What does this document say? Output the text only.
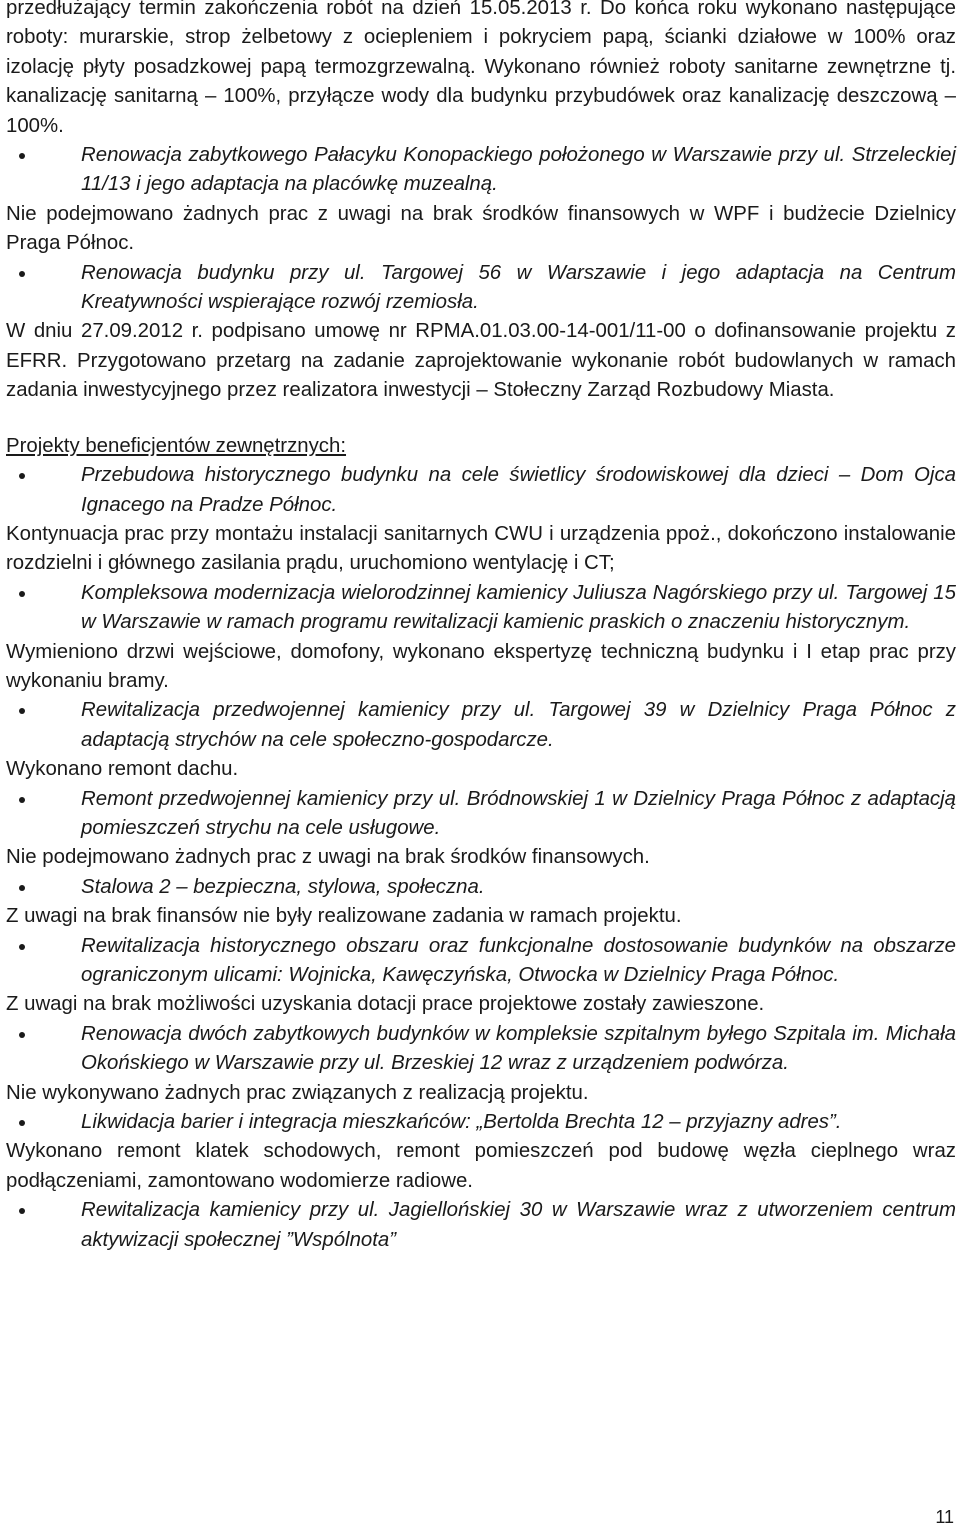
przedłużający termin zakończenia robót na dzień 15.05.2013 r. Do końca roku wykonano następujące roboty: murarskie, strop żelbetowy z ociepleniem i pokryciem papą, ścianki działowe w 100% oraz izolację płyty posadzkowej papą termozgrzewalną. Wykonano również roboty sanitarne zewnętrzne tj. kanalizację sanitarną – 100%, przyłącze wody dla budynku przybudówek oraz kanalizację deszczową – 100%.

Renowacja zabytkowego Pałacyku Konopackiego położonego w Warszawie przy ul. Strzeleckiej 11/13 i jego adaptacja na placówkę muzealną.

Nie podejmowano żadnych prac z uwagi na brak środków finansowych w WPF i budżecie Dzielnicy Praga Północ.

Renowacja budynku przy ul. Targowej 56 w Warszawie i jego adaptacja na Centrum Kreatywności wspierające rozwój rzemiosła.

W dniu 27.09.2012 r. podpisano umowę nr RPMA.01.03.00-14-001/11-00 o dofinansowanie projektu z EFRR. Przygotowano przetarg na zadanie zaprojektowanie wykonanie robót budowlanych w ramach zadania inwestycyjnego przez realizatora inwestycji – Stołeczny Zarząd Rozbudowy Miasta.

Projekty beneficjentów zewnętrznych:

Przebudowa historycznego budynku na cele świetlicy środowiskowej dla dzieci – Dom Ojca Ignacego na Pradze Północ.

Kontynuacja prac przy montażu instalacji sanitarnych CWU i urządzenia ppoż., dokończono instalowanie rozdzielni i głównego zasilania prądu, uruchomiono wentylację i CT;

Kompleksowa modernizacja wielorodzinnej kamienicy Juliusza Nagórskiego przy ul. Targowej 15 w Warszawie w ramach programu rewitalizacji kamienic praskich o znaczeniu historycznym.

Wymieniono drzwi wejściowe, domofony, wykonano ekspertyzę techniczną budynku i I etap prac przy wykonaniu bramy.

Rewitalizacja przedwojennej kamienicy przy ul. Targowej 39 w Dzielnicy Praga Północ z adaptacją strychów na cele społeczno-gospodarcze.

Wykonano remont dachu.

Remont przedwojennej kamienicy przy ul. Bródnowskiej 1 w Dzielnicy Praga Północ z adaptacją pomieszczeń strychu na cele usługowe.

Nie podejmowano żadnych prac z uwagi na brak środków finansowych.

Stalowa 2 – bezpieczna, stylowa, społeczna.

Z uwagi na brak finansów nie były realizowane zadania w ramach projektu.

Rewitalizacja historycznego obszaru oraz funkcjonalne dostosowanie budynków na obszarze ograniczonym ulicami: Wojnicka, Kawęczyńska, Otwocka w Dzielnicy Praga Północ.

Z uwagi na brak możliwości uzyskania dotacji prace projektowe zostały zawieszone.

Renowacja dwóch zabytkowych budynków w kompleksie szpitalnym byłego Szpitala im. Michała Okońskiego w Warszawie przy ul. Brzeskiej 12 wraz z urządzeniem podwórza.

Nie wykonywano żadnych prac związanych z realizacją projektu.

Likwidacja barier i integracja mieszkańców: „Bertolda Brechta 12 – przyjazny adres”.

Wykonano remont klatek schodowych, remont pomieszczeń pod budowę węzła cieplnego wraz podłączeniami, zamontowano wodomierze radiowe.

Rewitalizacja kamienicy przy ul. Jagiellońskiej 30 w Warszawie wraz z utworzeniem centrum aktywizacji społecznej ”Wspólnota”

11
